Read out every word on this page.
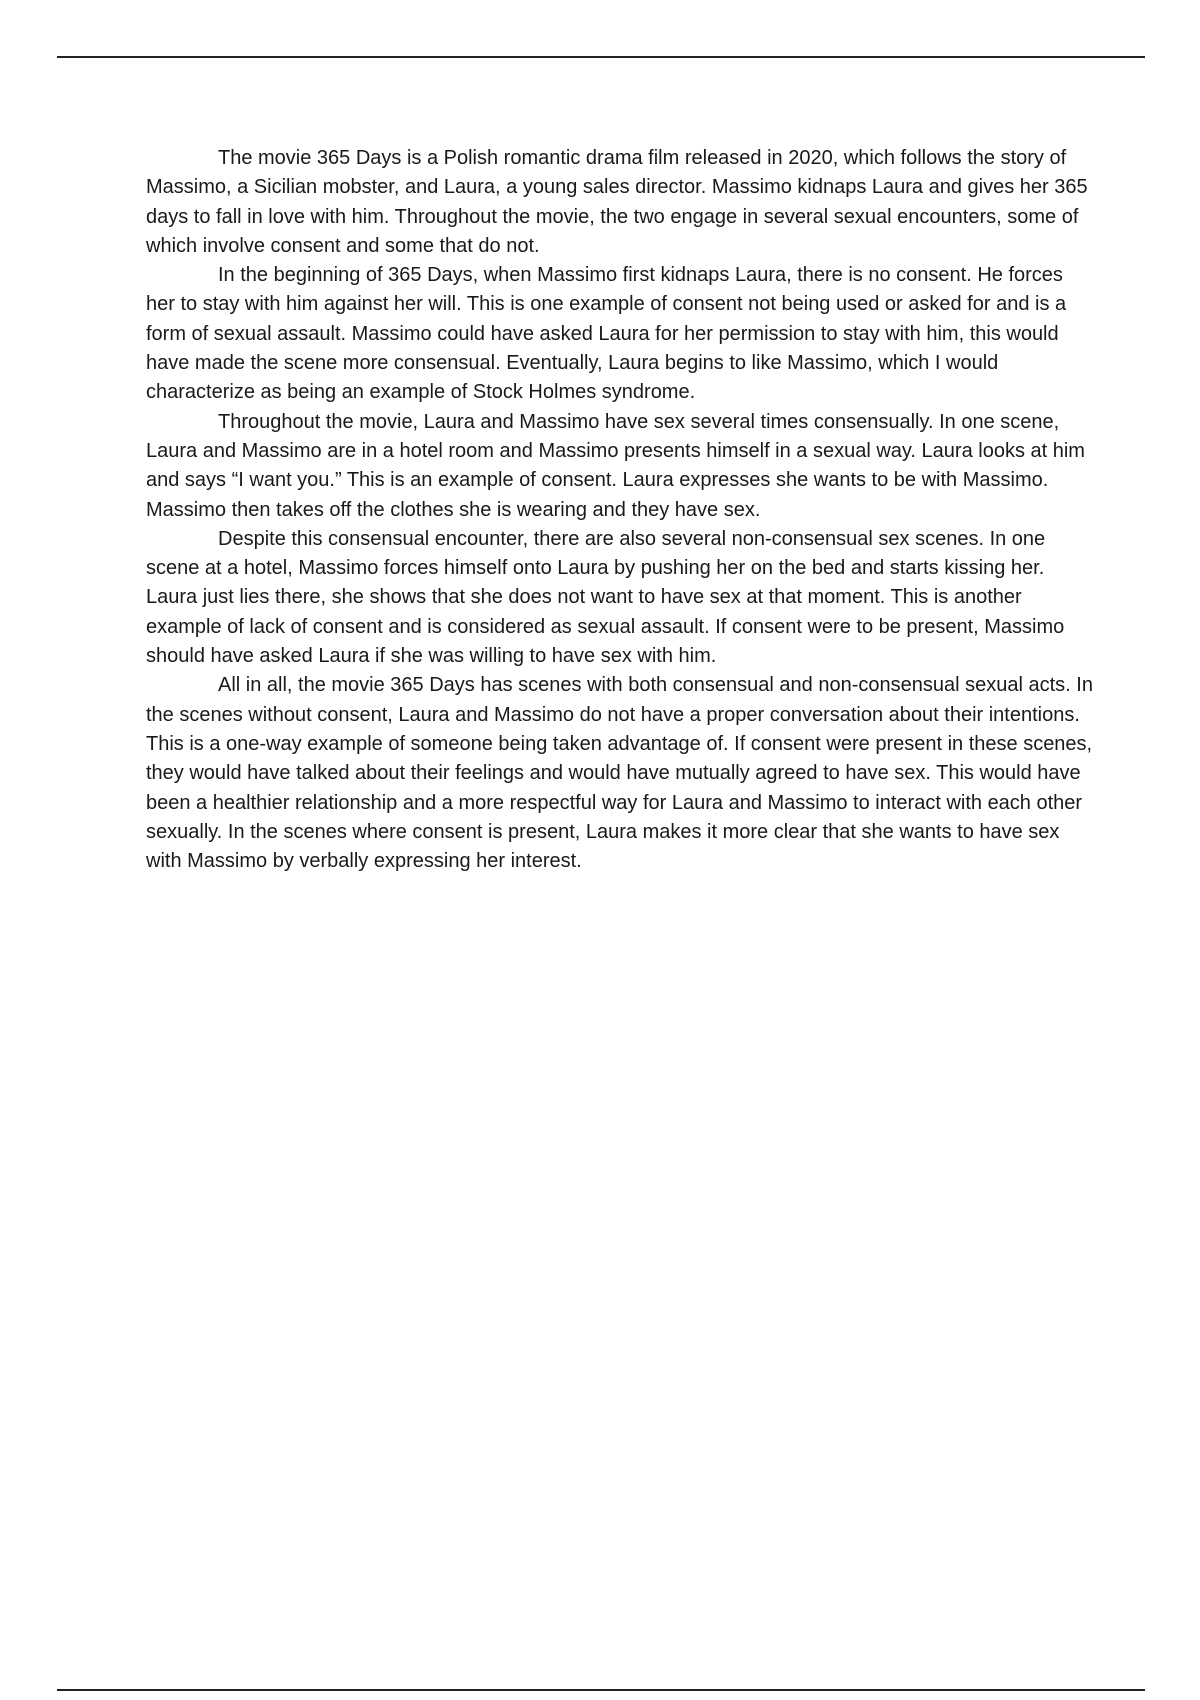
The movie 365 Days is a Polish romantic drama film released in 2020, which follows the story of Massimo, a Sicilian mobster, and Laura, a young sales director. Massimo kidnaps Laura and gives her 365 days to fall in love with him. Throughout the movie, the two engage in several sexual encounters, some of which involve consent and some that do not.

In the beginning of 365 Days, when Massimo first kidnaps Laura, there is no consent. He forces her to stay with him against her will. This is one example of consent not being used or asked for and is a form of sexual assault. Massimo could have asked Laura for her permission to stay with him, this would have made the scene more consensual. Eventually, Laura begins to like Massimo, which I would characterize as being an example of Stock Holmes syndrome.

Throughout the movie, Laura and Massimo have sex several times consensually. In one scene, Laura and Massimo are in a hotel room and Massimo presents himself in a sexual way. Laura looks at him and says “I want you.” This is an example of consent. Laura expresses she wants to be with Massimo. Massimo then takes off the clothes she is wearing and they have sex.

Despite this consensual encounter, there are also several non-consensual sex scenes. In one scene at a hotel, Massimo forces himself onto Laura by pushing her on the bed and starts kissing her. Laura just lies there, she shows that she does not want to have sex at that moment. This is another example of lack of consent and is considered as sexual assault. If consent were to be present, Massimo should have asked Laura if she was willing to have sex with him.

All in all, the movie 365 Days has scenes with both consensual and non-consensual sexual acts. In the scenes without consent, Laura and Massimo do not have a proper conversation about their intentions. This is a one-way example of someone being taken advantage of. If consent were present in these scenes, they would have talked about their feelings and would have mutually agreed to have sex. This would have been a healthier relationship and a more respectful way for Laura and Massimo to interact with each other sexually. In the scenes where consent is present, Laura makes it more clear that she wants to have sex with Massimo by verbally expressing her interest.
